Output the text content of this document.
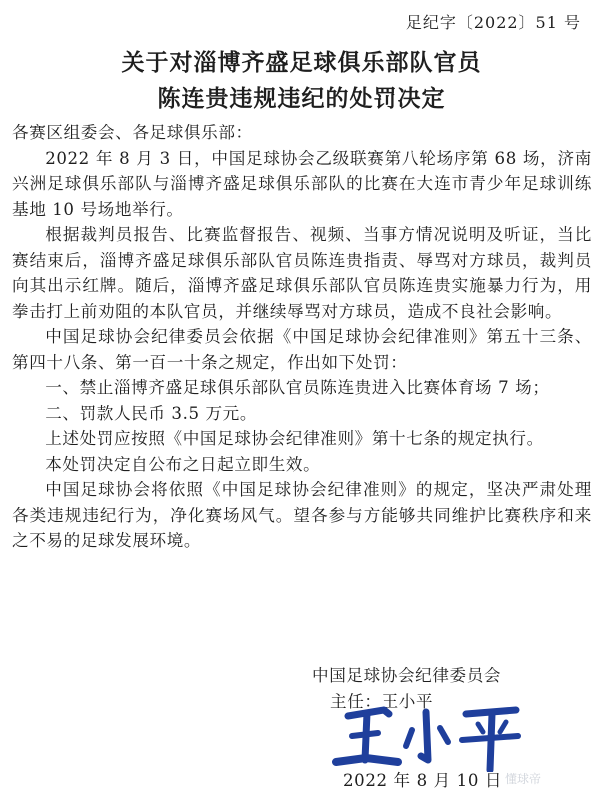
足纪字〔2022〕51 号
关于对淄博齐盛足球俱乐部队官员
陈连贵违规违纪的处罚决定

各赛区组委会、各足球俱乐部：

2022 年 8 月 3 日，中国足球协会乙级联赛第八轮场序第 68 场，济南兴洲足球俱乐部队与淄博齐盛足球俱乐部队的比赛在大连市青少年足球训练基地 10 号场地举行。

根据裁判员报告、比赛监督报告、视频、当事方情况说明及听证，当比赛结束后，淄博齐盛足球俱乐部队官员陈连贵指责、辱骂对方球员，裁判员向其出示红牌。随后，淄博齐盛足球俱乐部队官员陈连贵实施暴力行为，用拳击打上前劝阻的本队官员，并继续辱骂对方球员，造成不良社会影响。

中国足球协会纪律委员会依据《中国足球协会纪律准则》第五十三条、第四十八条、第一百一十条之规定，作出如下处罚：

一、禁止淄博齐盛足球俱乐部队官员陈连贵进入比赛体育场 7 场；

二、罚款人民币 3.5 万元。

上述处罚应按照《中国足球协会纪律准则》第十七条的规定执行。

本处罚决定自公布之日起立即生效。

中国足球协会将依照《中国足球协会纪律准则》的规定，坚决严肃处理各类违规违纪行为，净化赛场风气。望各参与方能够共同维护比赛秩序和来之不易的足球发展环境。

中国足球协会纪律委员会
主任：王小平
2022 年 8 月 10 日 懂球帝
